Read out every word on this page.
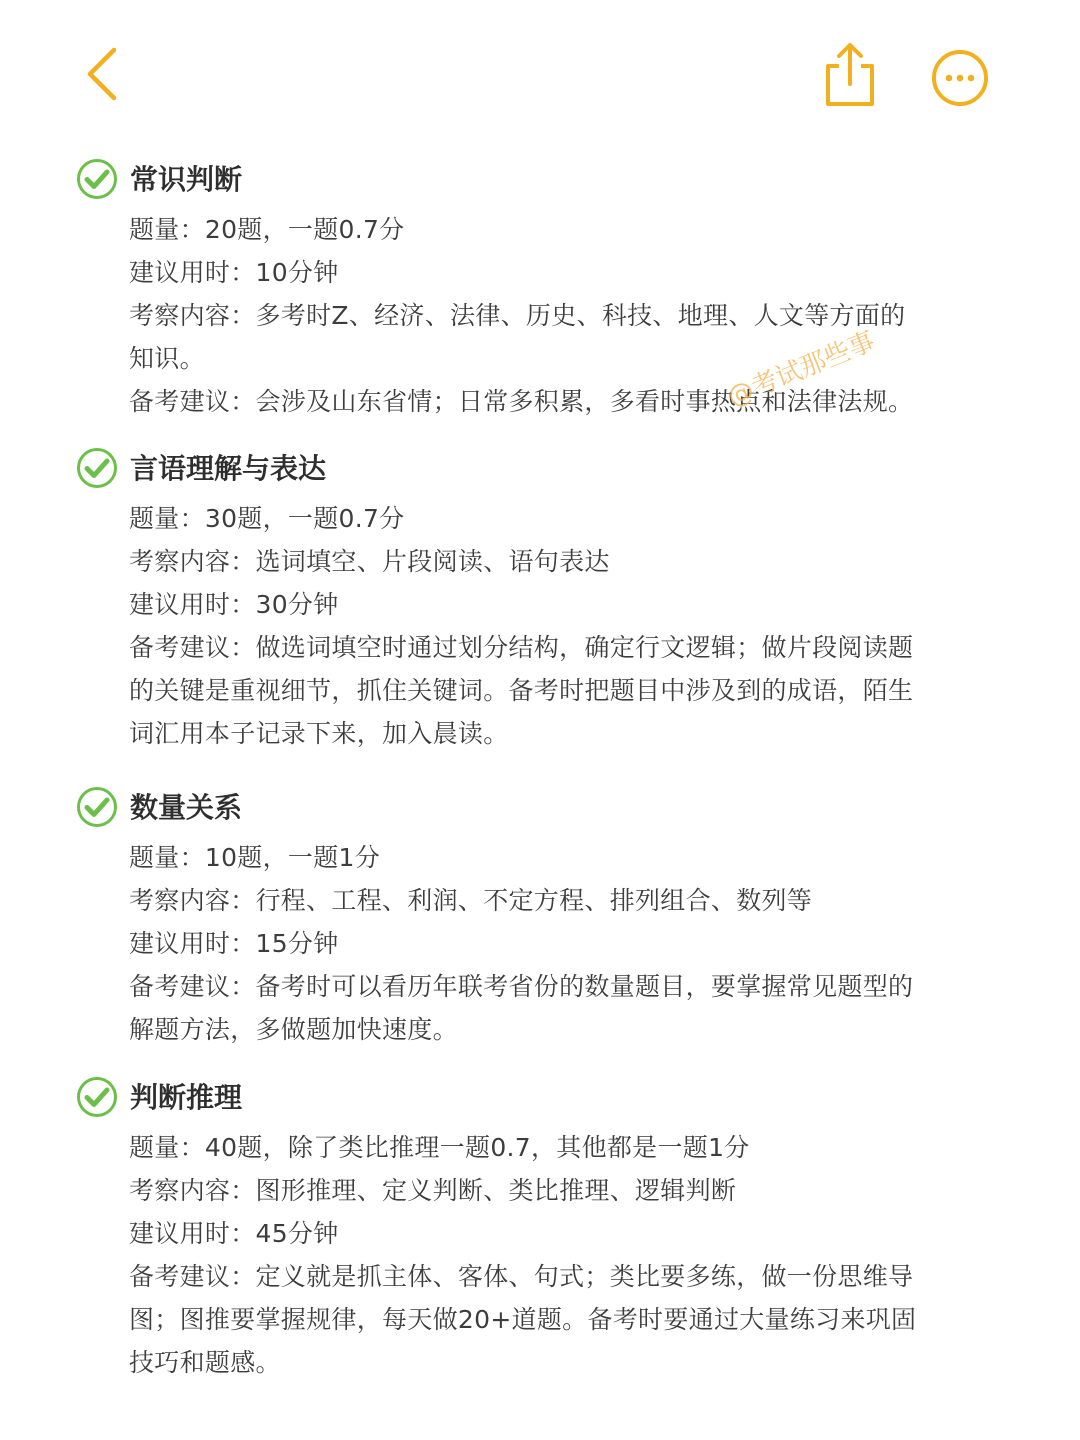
常识判断
题量：20题，一题0.7分
建议用时：10分钟
考察内容：多考时Z、经济、法律、历史、科技、地理、人文等方面的
知识。
备考建议：会涉及山东省情；日常多积累，多看时事热点和法律法规。
言语理解与表达
题量：30题，一题0.7分
考察内容：选词填空、片段阅读、语句表达
建议用时：30分钟
备考建议：做选词填空时通过划分结构，确定行文逻辑；做片段阅读题
的关键是重视细节，抓住关键词。备考时把题目中涉及到的成语，陌生
词汇用本子记录下来，加入晨读。
数量关系
题量：10题，一题1分
考察内容：行程、工程、利润、不定方程、排列组合、数列等
建议用时：15分钟
备考建议：备考时可以看历年联考省份的数量题目，要掌握常见题型的
解题方法，多做题加快速度。
判断推理
题量：40题，除了类比推理一题0.7，其他都是一题1分
考察内容：图形推理、定义判断、类比推理、逻辑判断
建议用时：45分钟
备考建议：定义就是抓主体、客体、句式；类比要多练，做一份思维导
图；图推要掌握规律，每天做20+道题。备考时要通过大量练习来巩固
技巧和题感。
@考试那些事
